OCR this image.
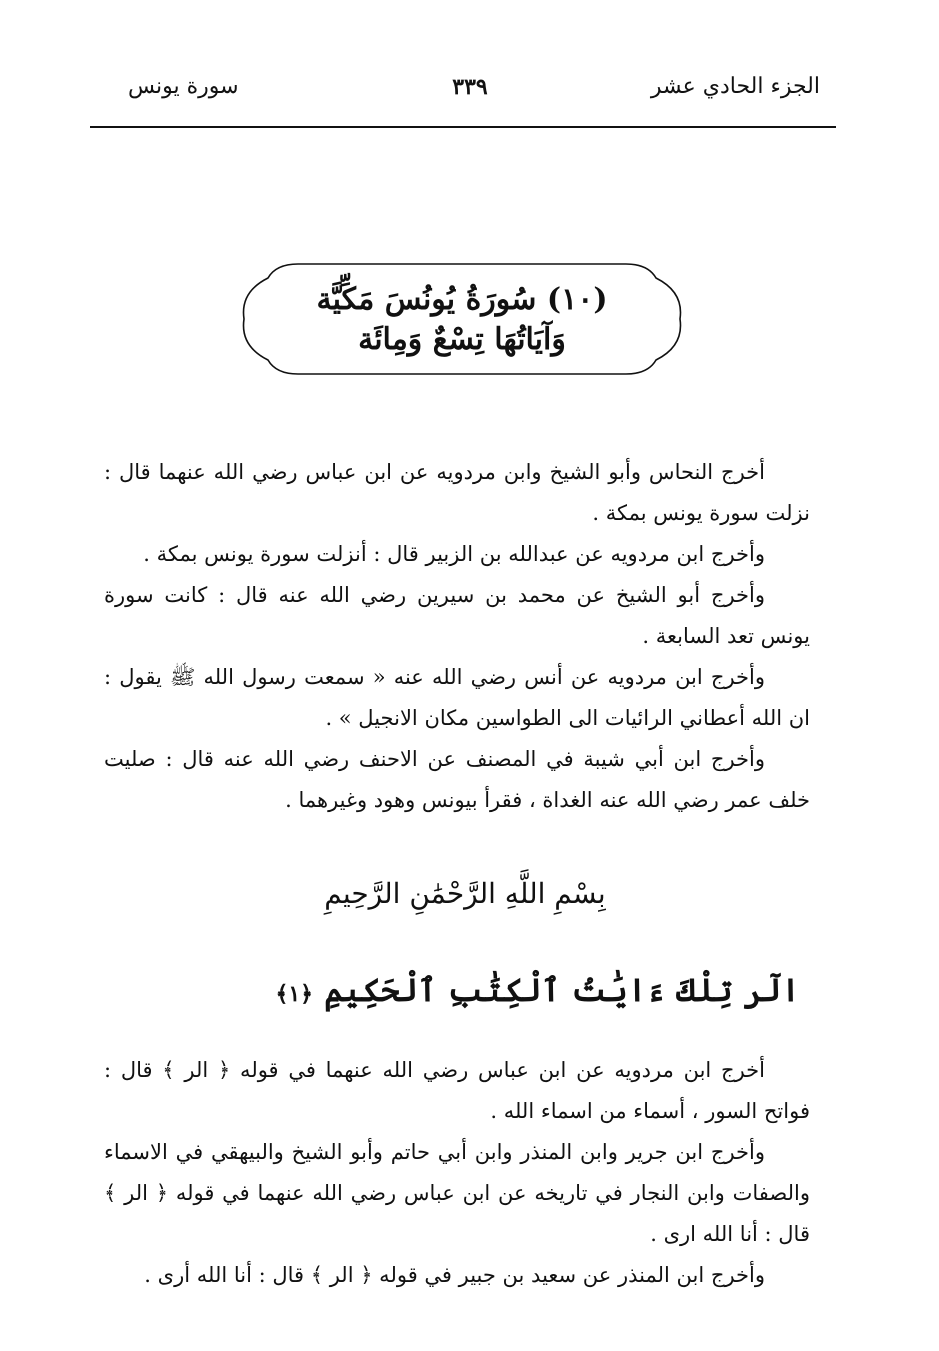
الجزء الحادي عشر
٣٣٩
سورة يونس
(١٠) سُورَةُ يُونُسَ مَكِّيَّة
وَآيَاتُهَا تِسْعٌ وَمِائَة

أخرج النحاس وأبو الشيخ وابن مردويه عن ابن عباس رضي الله عنهما قال : نزلت سورة يونس بمكة .

وأخرج ابن مردويه عن عبدالله بن الزبير قال : أنزلت سورة يونس بمكة .

وأخرج أبو الشيخ عن محمد بن سيرين رضي الله عنه قال : كانت سورة يونس تعد السابعة .

وأخرج ابن مردويه عن أنس رضي الله عنه « سمعت رسول الله ﷺ يقول : ان الله أعطاني الرائيات الى الطواسين مكان الانجيل » .

وأخرج ابن أبي شيبة في المصنف عن الاحنف رضي الله عنه قال : صليت خلف عمر رضي الله عنه الغداة ، فقرأ بيونس وهود وغيرهما .

بِسْمِ اللَّهِ الرَّحْمَٰنِ الرَّحِيمِ
الٓر تِلْكَ ءَايَٰتُ ٱلْكِتَٰبِ ٱلْحَكِيمِ ﴿١﴾

أخرج ابن مردويه عن ابن عباس رضي الله عنهما في قوله ﴿ الر ﴾ قال : فواتح السور ، أسماء من اسماء الله .

وأخرج ابن جرير وابن المنذر وابن أبي حاتم وأبو الشيخ والبيهقي في الاسماء والصفات وابن النجار في تاريخه عن ابن عباس رضي الله عنهما في قوله ﴿ الر ﴾ قال : أنا الله ارى .

وأخرج ابن المنذر عن سعيد بن جبير في قوله ﴿ الر ﴾ قال : أنا الله أرى .
